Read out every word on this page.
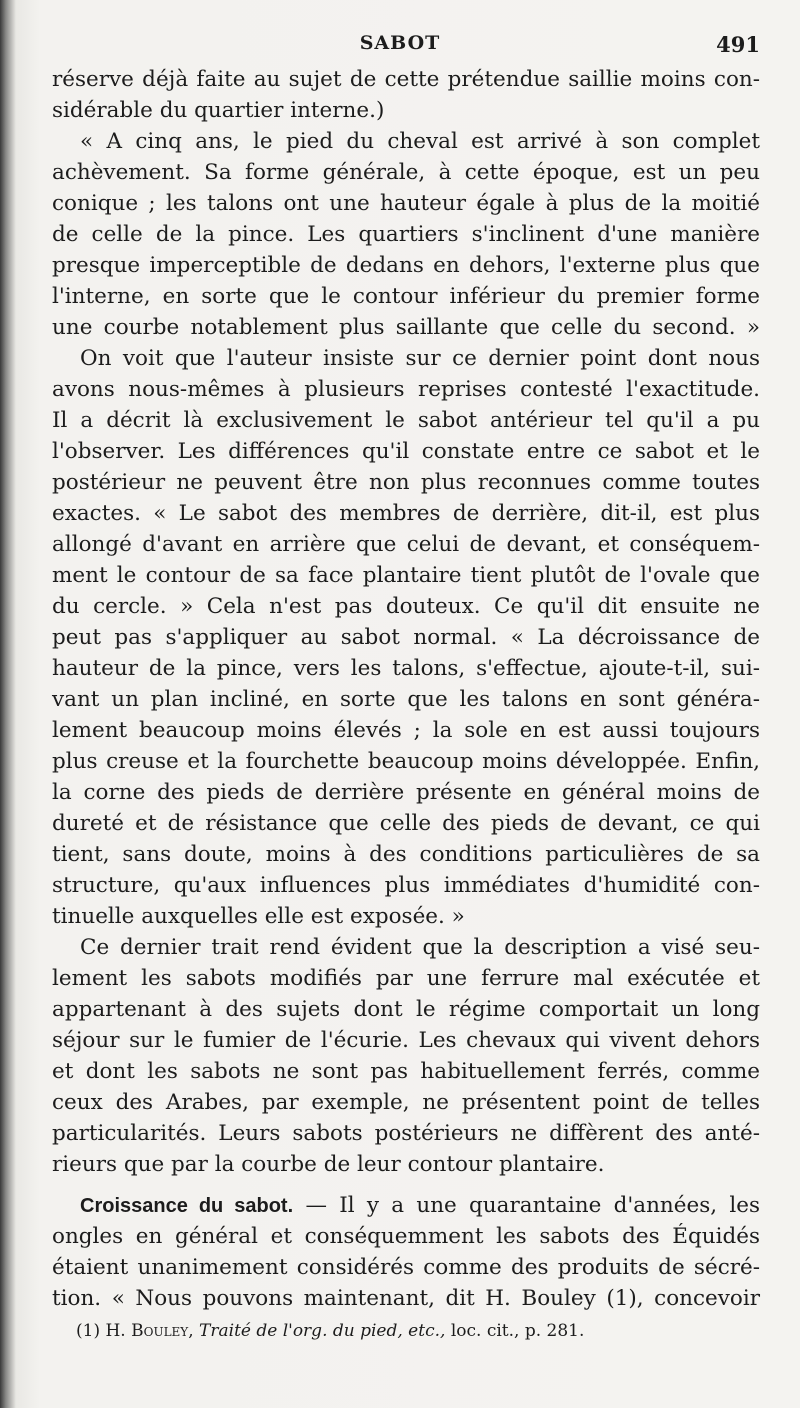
SABOT	491
réserve déjà faite au sujet de cette prétendue saillie moins con-
sidérable du quartier interne.)
« A cinq ans, le pied du cheval est arrivé à son complet
achèvement. Sa forme générale, à cette époque, est un peu
conique ; les talons ont une hauteur égale à plus de la moitié
de celle de la pince. Les quartiers s'inclinent d'une manière
presque imperceptible de dedans en dehors, l'externe plus que
l'interne, en sorte que le contour inférieur du premier forme
une courbe notablement plus saillante que celle du second. »
On voit que l'auteur insiste sur ce dernier point dont nous
avons nous-mêmes à plusieurs reprises contesté l'exactitude.
Il a décrit là exclusivement le sabot antérieur tel qu'il a pu
l'observer. Les différences qu'il constate entre ce sabot et le
postérieur ne peuvent être non plus reconnues comme toutes
exactes. « Le sabot des membres de derrière, dit-il, est plus
allongé d'avant en arrière que celui de devant, et conséquem-
ment le contour de sa face plantaire tient plutôt de l'ovale que
du cercle. » Cela n'est pas douteux. Ce qu'il dit ensuite ne
peut pas s'appliquer au sabot normal. « La décroissance de
hauteur de la pince, vers les talons, s'effectue, ajoute-t-il, sui-
vant un plan incliné, en sorte que les talons en sont généra-
lement beaucoup moins élevés ; la sole en est aussi toujours
plus creuse et la fourchette beaucoup moins développée. Enfin,
la corne des pieds de derrière présente en général moins de
dureté et de résistance que celle des pieds de devant, ce qui
tient, sans doute, moins à des conditions particulières de sa
structure, qu'aux influences plus immédiates d'humidité con-
tinuelle auxquelles elle est exposée. »
Ce dernier trait rend évident que la description a visé seu-
lement les sabots modifiés par une ferrure mal exécutée et
appartenant à des sujets dont le régime comportait un long
séjour sur le fumier de l'écurie. Les chevaux qui vivent dehors
et dont les sabots ne sont pas habituellement ferrés, comme
ceux des Arabes, par exemple, ne présentent point de telles
particularités. Leurs sabots postérieurs ne diffèrent des anté-
rieurs que par la courbe de leur contour plantaire.
Croissance du sabot. — Il y a une quarantaine d'années, les
ongles en général et conséquemment les sabots des Équidés
étaient unanimement considérés comme des produits de sécré-
tion. « Nous pouvons maintenant, dit H. Bouley (1), concevoir
(1) H. Bouley, Traité de l'org. du pied, etc., loc. cit., p. 281.
